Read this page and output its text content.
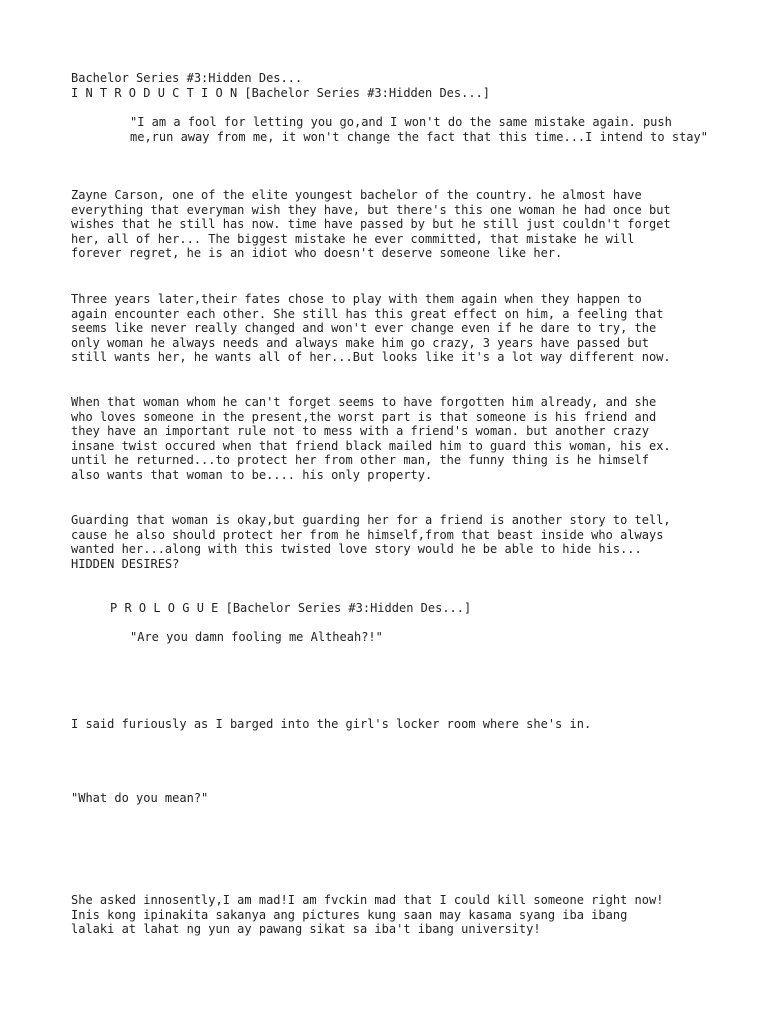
Bachelor Series #3:Hidden Des...

I N T R O D U C T I O N [Bachelor Series #3:Hidden Des...]

"I am a fool for letting you go,and I won't do the same mistake again. push
me,run away from me, it won't change the fact that this time...I intend to stay"

Zayne Carson, one of the elite youngest bachelor of the country. he almost have
everything that everyman wish they have, but there's this one woman he had once but
wishes that he still has now. time have passed by but he still just couldn't forget
her, all of her... The biggest mistake he ever committed, that mistake he will
forever regret, he is an idiot who doesn't deserve someone like her.

Three years later,their fates chose to play with them again when they happen to
again encounter each other. She still has this great effect on him, a feeling that
seems like never really changed and won't ever change even if he dare to try, the
only woman he always needs and always make him go crazy, 3 years have passed but
still wants her, he wants all of her...But looks like it's a lot way different now.

When that woman whom he can't forget seems to have forgotten him already, and she
who loves someone in the present,the worst part is that someone is his friend and
they have an important rule not to mess with a friend's woman. but another crazy
insane twist occured when that friend black mailed him to guard this woman, his ex.
until he returned...to protect her from other man, the funny thing is he himself
also wants that woman to be.... his only property.

Guarding that woman is okay,but guarding her for a friend is another story to tell,
cause he also should protect her from he himself,from that beast inside who always
wanted her...along with this twisted love story would he be able to hide his...
HIDDEN DESIRES?

P R O L O G U E [Bachelor Series #3:Hidden Des...]

"Are you damn fooling me Altheah?!"

I said furiously as I barged into the girl's locker room where she's in.

"What do you mean?"

She asked innosently,I am mad!I am fvckin mad that I could kill someone right now!
Inis kong ipinakita sakanya ang pictures kung saan may kasama syang iba ibang
lalaki at lahat ng yun ay pawang sikat sa iba't ibang university!
